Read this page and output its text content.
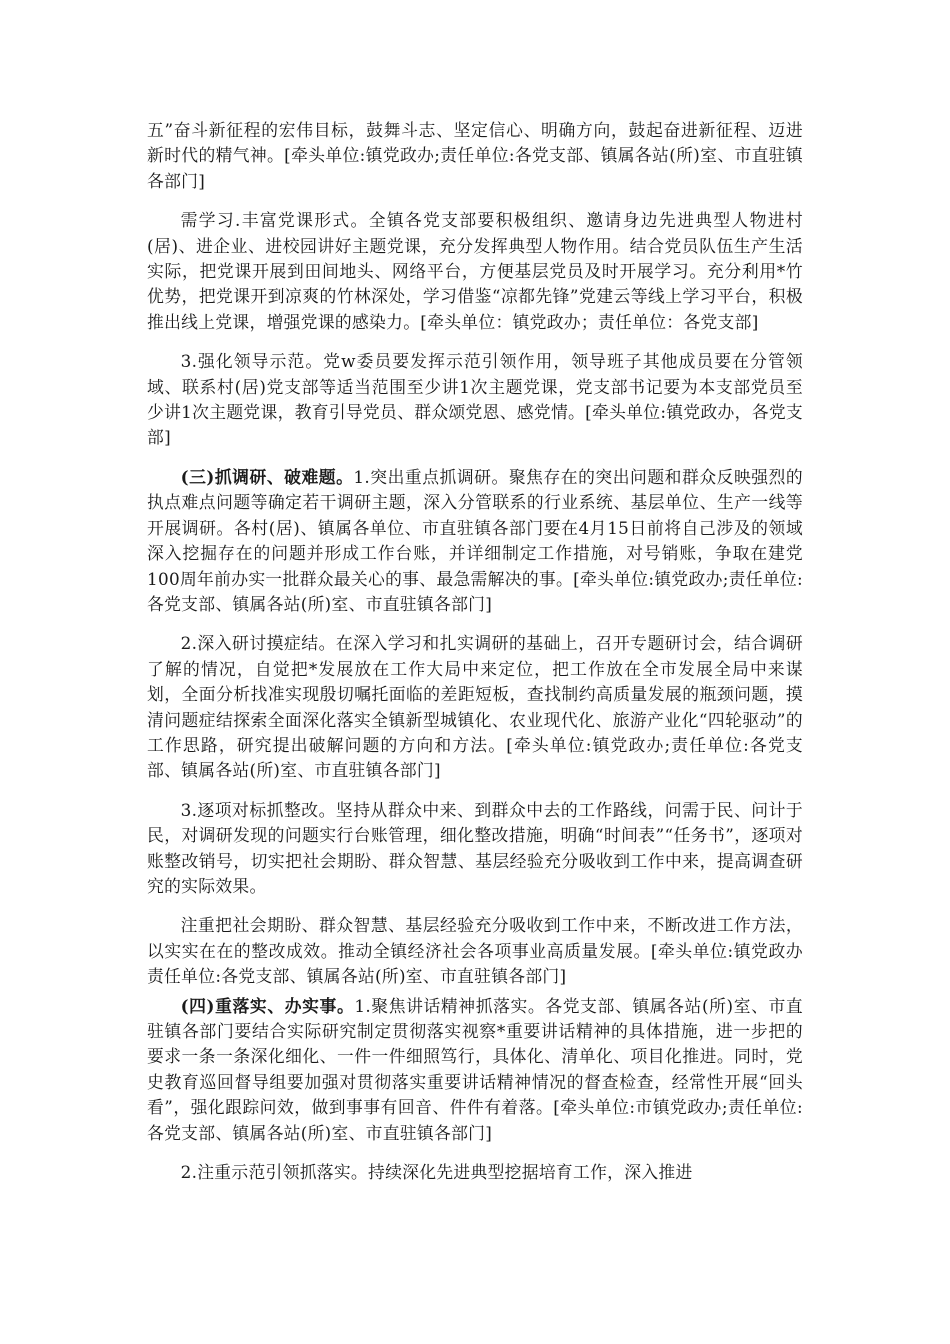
五”奋斗新征程的宏伟目标，鼓舞斗志、坚定信心、明确方向，鼓起奋进新征程、迈进新时代的精气神。[牵头单位:镇党政办;责任单位:各党支部、镇属各站(所)室、市直驻镇各部门]

需学习.丰富党课形式。全镇各党支部要积极组织、邀请身边先进典型人物进村(居)、进企业、进校园讲好主题党课，充分发挥典型人物作用。结合党员队伍生产生活实际，把党课开展到田间地头、网络平台，方便基层党员及时开展学习。充分利用*竹优势，把党课开到凉爽的竹林深处，学习借鉴“凉都先锋”党建云等线上学习平台，积极推出线上党课，增强党课的感染力。[牵头单位：镇党政办；责任单位：各党支部]

3.强化领导示范。党w委员要发挥示范引领作用，领导班子其他成员要在分管领域、联系村(居)党支部等适当范围至少讲1次主题党课，党支部书记要为本支部党员至少讲1次主题党课，教育引导党员、群众颂党恩、感党情。[牵头单位:镇党政办，各党支部]

(三)抓调研、破难题。1.突出重点抓调研。聚焦存在的突出问题和群众反映强烈的执点难点问题等确定若干调研主题，深入分管联系的行业系统、基层单位、生产一线等开展调研。各村(居)、镇属各单位、市直驻镇各部门要在4月15日前将自己涉及的领域深入挖掘存在的问题并形成工作台账，并详细制定工作措施，对号销账，争取在建党100周年前办实一批群众最关心的事、最急需解决的事。[牵头单位:镇党政办;责任单位:各党支部、镇属各站(所)室、市直驻镇各部门]

2.深入研讨摸症结。在深入学习和扎实调研的基础上，召开专题研讨会，结合调研了解的情况，自觉把*发展放在工作大局中来定位，把工作放在全市发展全局中来谋划，全面分析找准实现殷切嘱托面临的差距短板，查找制约高质量发展的瓶颈问题，摸清问题症结探索全面深化落实全镇新型城镇化、农业现代化、旅游产业化“四轮驱动”的工作思路，研究提出破解问题的方向和方法。[牵头单位:镇党政办;责任单位:各党支部、镇属各站(所)室、市直驻镇各部门]

3.逐项对标抓整改。坚持从群众中来、到群众中去的工作路线，问需于民、问计于民，对调研发现的问题实行台账管理，细化整改措施，明确“时间表”“任务书”，逐项对账整改销号，切实把社会期盼、群众智慧、基层经验充分吸收到工作中来，提高调查研究的实际效果。

注重把社会期盼、群众智慧、基层经验充分吸收到工作中来，不断改进工作方法，以实实在在的整改成效。推动全镇经济社会各项事业高质量发展。[牵头单位:镇党政办责任单位:各党支部、镇属各站(所)室、市直驻镇各部门]

(四)重落实、办实事。1.聚焦讲话精神抓落实。各党支部、镇属各站(所)室、市直驻镇各部门要结合实际研究制定贯彻落实视察*重要讲话精神的具体措施，进一步把的要求一条一条深化细化、一件一件细照笃行，具体化、清单化、项目化推进。同时，党史教育巡回督导组要加强对贯彻落实重要讲话精神情况的督查检查，经常性开展“回头看”，强化跟踪问效，做到事事有回音、件件有着落。[牵头单位:市镇党政办;责任单位:各党支部、镇属各站(所)室、市直驻镇各部门]

2.注重示范引领抓落实。持续深化先进典型挖据培育工作，深入推进
